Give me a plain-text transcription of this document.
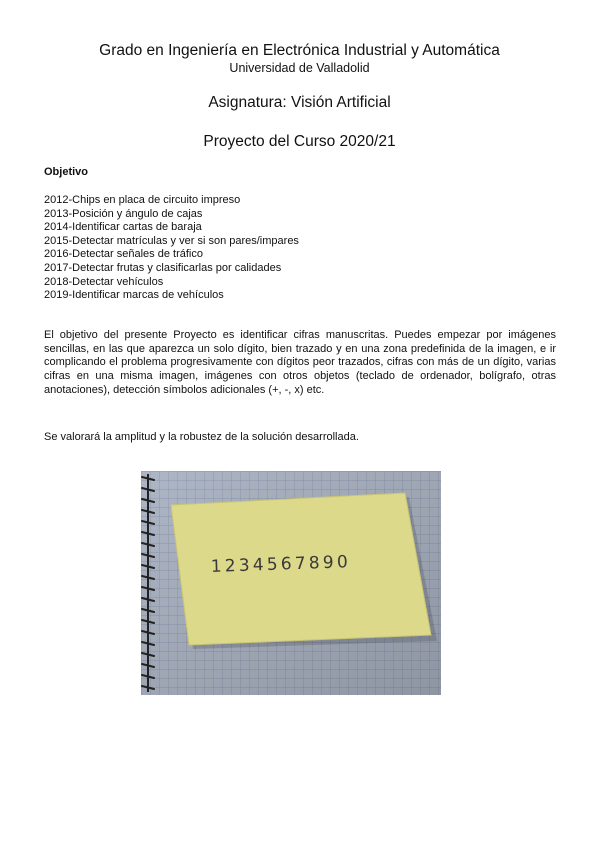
Grado en Ingeniería en Electrónica Industrial y Automática
Universidad de Valladolid
Asignatura: Visión Artificial
Proyecto del Curso 2020/21
Objetivo
2012-Chips en placa de circuito impreso
2013-Posición y ángulo de cajas
2014-Identificar cartas de baraja
2015-Detectar matrículas y ver si son pares/impares
2016-Detectar señales de tráfico
2017-Detectar frutas y clasificarlas por calidades
2018-Detectar vehículos
2019-Identificar marcas de vehículos

El objetivo del presente Proyecto es identificar cifras manuscritas. Puedes empezar por imágenes sencillas, en las que aparezca un solo dígito, bien trazado y en una zona predefinida de la imagen, e ir complicando el problema progresivamente con dígitos peor trazados, cifras con más de un dígito, varias cifras en una misma imagen, imágenes con otros objetos (teclado de ordenador, bolígrafo, otras anotaciones), detección símbolos adicionales (+, -, x) etc.

Se valorará la amplitud y la robustez de la solución desarrollada.

1234567890
